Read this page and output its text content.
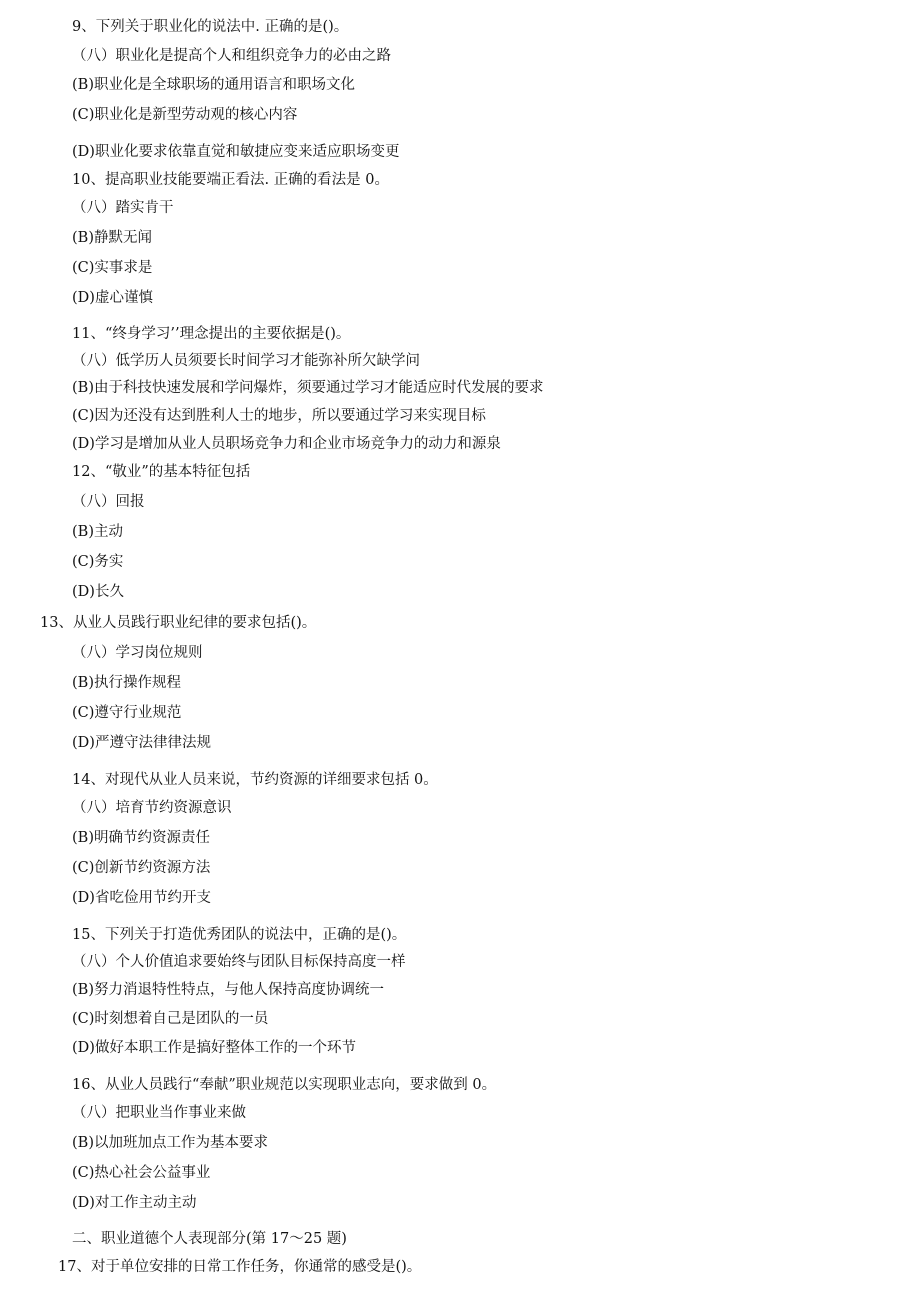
9、下列关于职业化的说法中. 正确的是()。
（八）职业化是提高个人和组织竞争力的必由之路
(B)职业化是全球职场的通用语言和职场文化
(C)职业化是新型劳动观的核心内容
(D)职业化要求依靠直觉和敏捷应变来适应职场变更
10、提高职业技能要端正看法. 正确的看法是 0。
（八）踏实肯干
(B)静默无闻
(C)实事求是
(D)虚心谨慎
11、“终身学习’’理念提出的主要依据是()。
（八）低学历人员须要长时间学习才能弥补所欠缺学问
(B)由于科技快速发展和学问爆炸，须要通过学习才能适应时代发展的要求
(C)因为还没有达到胜利人士的地步，所以要通过学习来实现目标
(D)学习是增加从业人员职场竞争力和企业市场竞争力的动力和源泉
12、“敬业”的基本特征包括
（八）回报
(B)主动
(C)务实
(D)长久
13、从业人员践行职业纪律的要求包括()。
（八）学习岗位规则
(B)执行操作规程
(C)遵守行业规范
(D)严遵守法律律法规
14、对现代从业人员来说，节约资源的详细要求包括 0。
（八）培育节约资源意识
(B)明确节约资源责任
(C)创新节约资源方法
(D)省吃俭用节约开支
15、下列关于打造优秀团队的说法中，正确的是()。
（八）个人价值追求要始终与团队目标保持高度一样
(B)努力消退特性特点，与他人保持高度协调统一
(C)时刻想着自己是团队的一员
(D)做好本职工作是搞好整体工作的一个环节
16、从业人员践行“奉献”职业规范以实现职业志向，要求做到 0。
（八）把职业当作事业来做
(B)以加班加点工作为基本要求
(C)热心社会公益事业
(D)对工作主动主动
二、职业道德个人表现部分(第 17～25 题)
17、对于单位安排的日常工作任务，你通常的感受是()。
